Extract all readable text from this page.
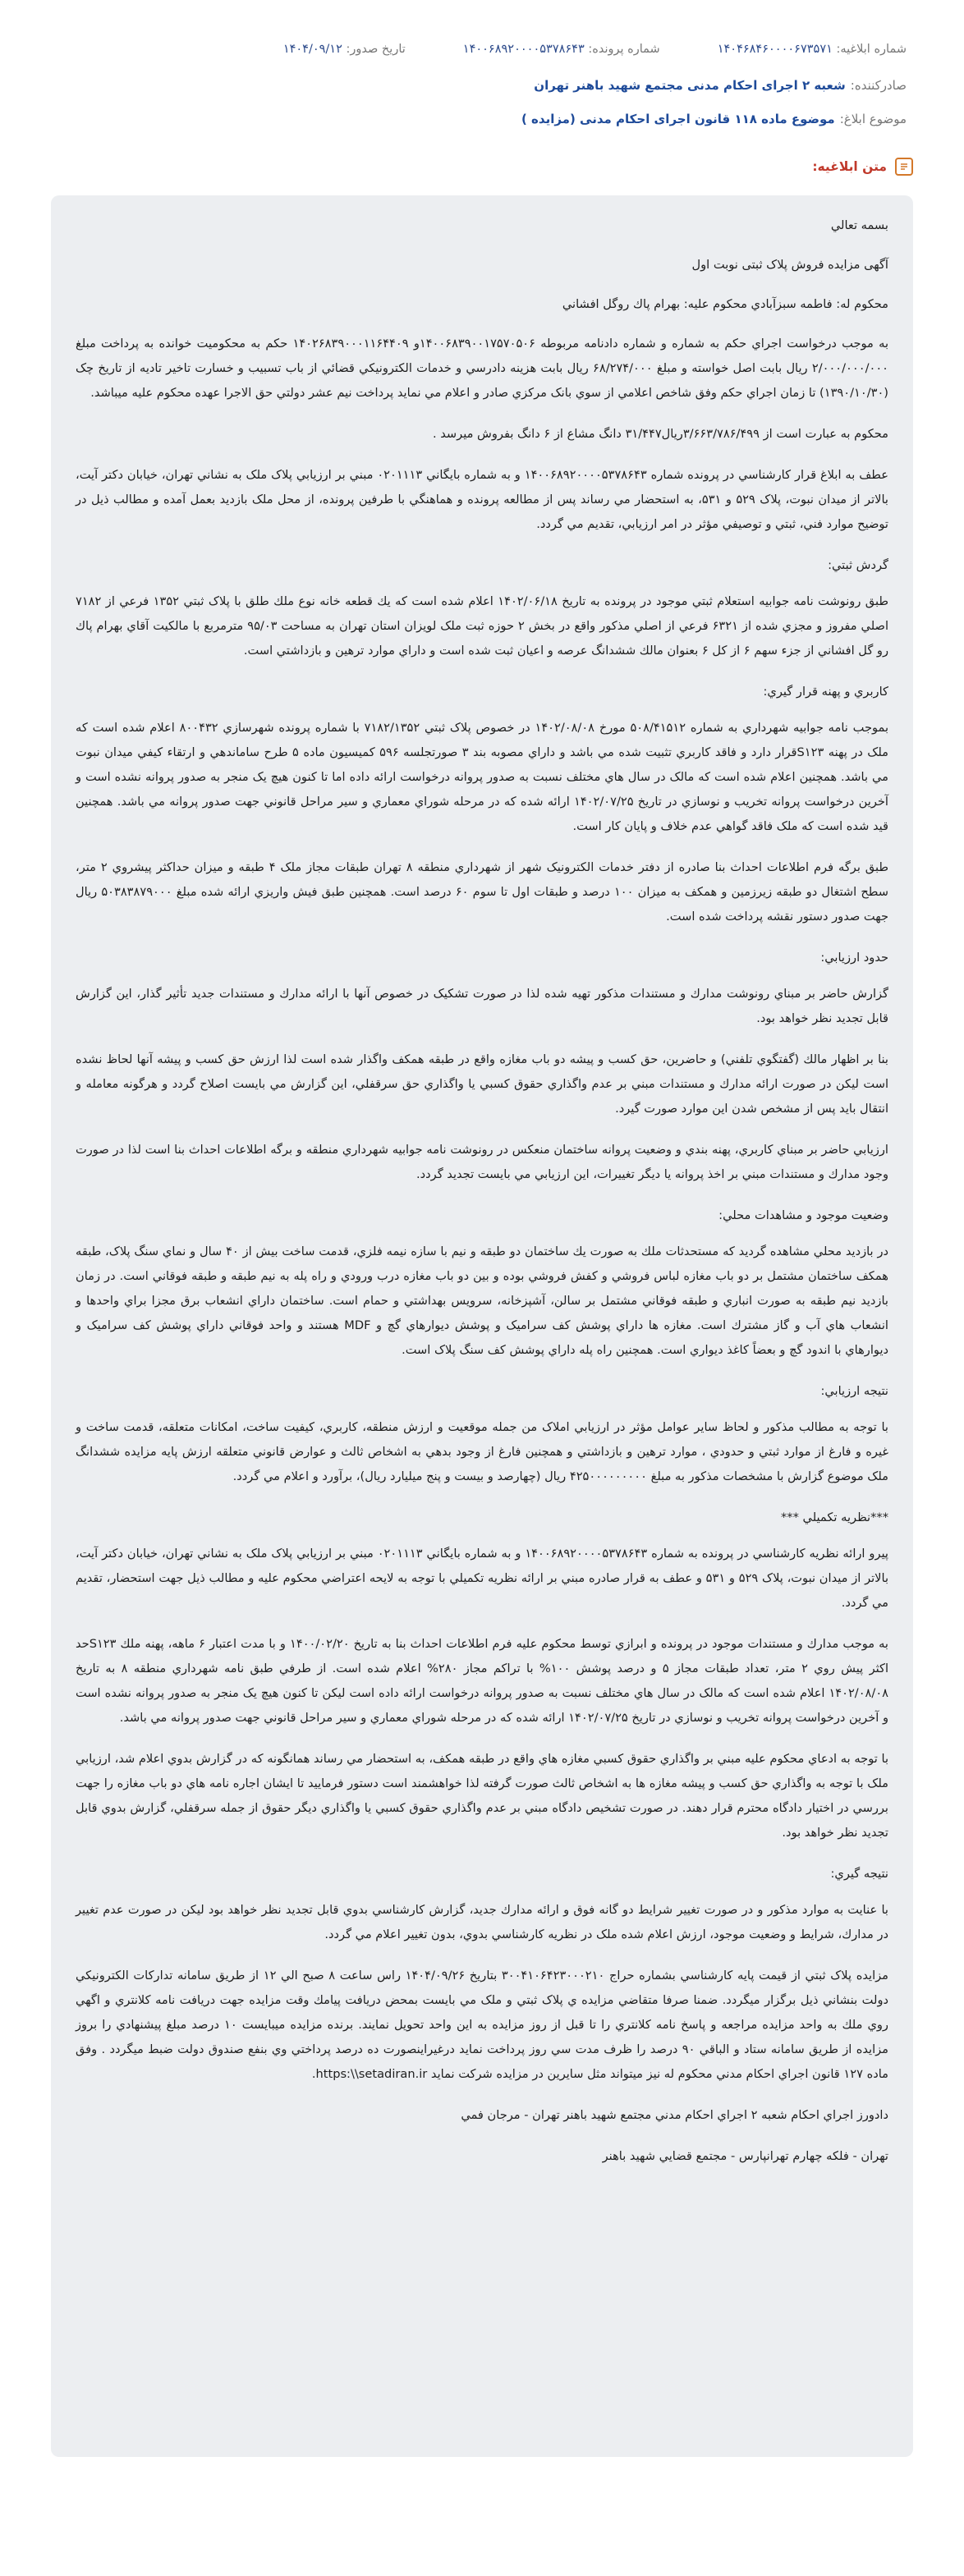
شماره ابلاغیه: ۱۴۰۴۶۸۴۶۰۰۰۰۶۷۳۵۷۱
شماره پرونده: ۱۴۰۰۶۸۹۲۰۰۰۰۵۳۷۸۶۴۳
تاریخ صدور: ۱۴۰۴/۰۹/۱۲
صادرکننده:
شعبه ۲ اجرای احکام مدنی مجتمع شهید باهنر تهران
موضوع ابلاغ:
موضوع ماده ۱۱۸ قانون اجرای احکام مدنی (مزایده )
متن ابلاغیه:

بسمه تعالي

آگهی مزایده فروش پلاک ثبتی نوبت اول

محکوم له: فاطمه سبزآبادي محکوم عليه: بهرام پاك روگل افشاني

به موجب درخواست اجراي حکم به شماره و شماره دادنامه مربوطه ۱۴۰۰۶۸۳۹۰۰۱۷۵۷۰۵۰۶و ۱۴۰۲۶۸۳۹۰۰۰۱۱۶۴۴۰۹ حکم به محکوميت خوانده به پرداخت مبلغ ۲/۰۰۰/۰۰۰/۰۰۰ ریال بابت اصل خواسته و مبلغ ۶۸/۲۷۴/۰۰۰ ریال بابت هزينه دادرسي و خدمات الکترونيکي قضائي از باب تسبيب و خسارت تاخير تاديه از تاريخ چک (۱۳۹۰/۱۰/۳۰) تا زمان اجراي حکم وفق شاخص اعلامي از سوي بانک مرکزي صادر و اعلام مي نمايد پرداخت نيم عشر دولتي حق الاجرا عهده محکوم عليه ميباشد.

محکوم به عبارت است از ۳/۶۶۳/۷۸۶/۴۹۹ریال۳۱/۴۴۷ دانگ مشاع از ۶ دانگ بفروش ميرسد .

عطف به ابلاغ قرار کارشناسي در پرونده شماره ۱۴۰۰۶۸۹۲۰۰۰۰۵۳۷۸۶۴۳ و به شماره بايگاني ۰۲۰۱۱۱۳ مبني بر ارزيابي پلاک ملک به نشاني تهران، خيابان دکتر آيت، بالاتر از ميدان نبوت، پلاک ۵۲۹ و ۵۳۱، به استحضار مي رساند پس از مطالعه پرونده و هماهنگي با طرفين پرونده، از محل ملک بازديد بعمل آمده و مطالب ذيل در توضيح موارد فني، ثبتي و توصيفي مؤثر در امر ارزيابي، تقديم مي گردد.

گردش ثبتي:

طبق رونوشت نامه جوابيه استعلام ثبتي موجود در پرونده به تاريخ ۱۴۰۲/۰۶/۱۸ اعلام شده است که يك قطعه خانه نوع ملك طلق با پلاک ثبتي ۱۳۵۲ فرعي از ۷۱۸۲ اصلي مفروز و مجزي شده از ۶۳۲۱ فرعي از اصلي مذکور واقع در بخش ۲ حوزه ثبت ملک لويزان استان تهران به مساحت ۹۵/۰۳ مترمربع با مالکيت آقاي بهرام پاك رو گل افشاني از جزء سهم ۶ از کل ۶ بعنوان مالك ششدانگ عرصه و اعيان ثبت شده است و داراي موارد ترهين و بازداشتي است.

کاربري و پهنه قرار گيري:

بموجب نامه جوابيه شهرداري به شماره ۵۰۸/۴۱۵۱۲ مورخ ۱۴۰۲/۰۸/۰۸ در خصوص پلاک ثبتي ۷۱۸۲/۱۳۵۲ با شماره پرونده شهرسازي ۸۰۰۴۳۲ اعلام شده است که ملک در پهنه S۱۲۳قرار دارد و فاقد کاربري تثبيت شده مي باشد و داراي مصوبه بند ۳ صورتجلسه ۵۹۶ کميسيون ماده ۵ طرح ساماندهي و ارتقاء کيفي ميدان نبوت مي باشد. همچنين اعلام شده است که مالک در سال هاي مختلف نسبت به صدور پروانه درخواست ارائه داده اما تا کنون هيچ يک منجر به صدور پروانه نشده است و آخرين درخواست پروانه تخريب و نوسازي در تاريخ ۱۴۰۲/۰۷/۲۵ ارائه شده که در مرحله شوراي معماري و سير مراحل قانوني جهت صدور پروانه مي باشد. همچنين قيد شده است که ملک فاقد گواهي عدم خلاف و پايان کار است.

طبق برگه فرم اطلاعات احداث بنا صادره از دفتر خدمات الکترونيک شهر از شهرداري منطقه ۸ تهران طبقات مجاز ملک ۴ طبقه و ميزان حداکثر پيشروي ۲ متر، سطح اشتغال دو طبقه زيرزمين و همکف به ميزان ۱۰۰ درصد و طبقات اول تا سوم ۶۰ درصد است. همچنين طبق فيش واريزي ارائه شده مبلغ ۵۰۳۸۳۸۷۹۰۰۰ ريال جهت صدور دستور نقشه پرداخت شده است.

حدود ارزيابي:

گزارش حاضر بر مبناي رونوشت مدارك و مستندات مذکور تهيه شده لذا در صورت تشکيک در خصوص آنها با ارائه مدارك و مستندات جديد تأثير گذار، اين گزارش قابل تجديد نظر خواهد بود.

بنا بر اظهار مالك (گفتگوي تلفني) و حاضرين، حق کسب و پيشه دو باب مغازه واقع در طبقه همکف واگذار شده است لذا ارزش حق کسب و پيشه آنها لحاظ نشده است ليکن در صورت ارائه مدارك و مستندات مبني بر عدم واگذاري حقوق کسبي يا واگذاري حق سرقفلي، اين گزارش مي بايست اصلاح گردد و هرگونه معامله و انتقال بايد پس از مشخص شدن اين موارد صورت گيرد.

ارزيابي حاضر بر مبناي کاربري، پهنه بندي و وضعيت پروانه ساختمان منعکس در رونوشت نامه جوابيه شهرداري منطقه و برگه اطلاعات احداث بنا است لذا در صورت وجود مدارك و مستندات مبني بر اخذ پروانه يا ديگر تغييرات، اين ارزيابي مي بايست تجديد گردد.

وضعيت موجود و مشاهدات محلي:

در بازديد محلي مشاهده گرديد که مستحدثات ملك به صورت يك ساختمان دو طبقه و نيم با سازه نيمه فلزي، قدمت ساخت بيش از ۴۰ سال و نماي سنگ پلاک، طبقه همکف ساختمان مشتمل بر دو باب مغازه لباس فروشي و کفش فروشي بوده و بين دو باب مغازه درب ورودي و راه پله به نيم طبقه و طبقه فوقاني است. در زمان بازديد نيم طبقه به صورت انباري و طبقه فوقاني مشتمل بر سالن، آشپزخانه، سرويس بهداشتي و حمام است. ساختمان داراي انشعاب برق مجزا براي واحدها و انشعاب هاي آب و گاز مشترك است. مغازه ها داراي پوشش کف سراميک و پوشش ديوارهاي گچ و MDF هستند و واحد فوقاني داراي پوشش کف سراميک و ديوارهاي با اندود گچ و بعضاً کاغذ ديواري است. همچنين راه پله داراي پوشش کف سنگ پلاک است.

نتيجه ارزيابي:

با توجه به مطالب مذکور و لحاظ ساير عوامل مؤثر در ارزيابي املاک من جمله موقعيت و ارزش منطقه، کاربري، کيفيت ساخت، امکانات متعلقه، قدمت ساخت و غيره و فارغ از موارد ثبتي و حدودي ، موارد ترهين و بازداشتي و همچنين فارغ از وجود بدهي به اشخاص ثالث و عوارض قانوني متعلقه ارزش پايه مزايده ششدانگ ملک موضوع گزارش با مشخصات مذکور به مبلغ ۴۲۵۰۰۰۰۰۰۰۰۰ ريال (چهارصد و بيست و پنج ميليارد ريال)، برآورد و اعلام مي گردد.

***نظريه تکميلي ***

پيرو ارائه نظريه کارشناسي در پرونده به شماره ۱۴۰۰۶۸۹۲۰۰۰۰۵۳۷۸۶۴۳ و به شماره بايگاني ۰۲۰۱۱۱۳ مبني بر ارزيابي پلاک ملک به نشاني تهران، خيابان دکتر آيت، بالاتر از ميدان نبوت، پلاک ۵۲۹ و ۵۳۱ و عطف به قرار صادره مبني بر ارائه نظريه تکميلي با توجه به لايحه اعتراضي محکوم عليه و مطالب ذيل جهت استحضار، تقديم مي گردد.

به موجب مدارك و مستندات موجود در پرونده و ابرازي توسط محکوم عليه فرم اطلاعات احداث بنا به تاريخ ۱۴۰۰/۰۲/۲۰ و با مدت اعتبار ۶ ماهه، پهنه ملك S۱۲۳حد اکثر پيش روي ۲ متر، تعداد طبقات مجاز ۵ و درصد پوشش ۱۰۰% با تراکم مجاز ۲۸۰% اعلام شده است. از طرفي طبق نامه شهرداري منطقه ۸ به تاريخ ۱۴۰۲/۰۸/۰۸ اعلام شده است که مالک در سال هاي مختلف نسبت به صدور پروانه درخواست ارائه داده است ليکن تا کنون هيچ يک منجر به صدور پروانه نشده است و آخرين درخواست پروانه تخريب و نوسازي در تاريخ ۱۴۰۲/۰۷/۲۵ ارائه شده که در مرحله شوراي معماري و سير مراحل قانوني جهت صدور پروانه مي باشد.

با توجه به ادعاي محکوم عليه مبني بر واگذاري حقوق کسبي مغازه هاي واقع در طبقه همکف، به استحضار مي رساند همانگونه که در گزارش بدوي اعلام شد، ارزيابي ملک با توجه به واگذاري حق کسب و پيشه مغازه ها به اشخاص ثالث صورت گرفته لذا خواهشمند است دستور فرماييد تا ايشان اجاره نامه هاي دو باب مغازه را جهت بررسي در اختيار دادگاه محترم قرار دهند. در صورت تشخيص دادگاه مبني بر عدم واگذاري حقوق کسبي يا واگذاري ديگر حقوق از جمله سرقفلي، گزارش بدوي قابل تجديد نظر خواهد بود.

نتيجه گيري:

با عنايت به موارد مذکور و در صورت تغيير شرايط دو گانه فوق و ارائه مدارك جديد، گزارش کارشناسي بدوي قابل تجديد نظر خواهد بود ليکن در صورت عدم تغيير در مدارك، شرايط و وضعيت موجود، ارزش اعلام شده ملک در نظريه کارشناسي بدوي، بدون تغيير اعلام مي گردد.

مزايده پلاک ثبتي از قيمت پايه کارشناسي بشماره حراج ۳۰۰۴۱۰۶۴۲۳۰۰۰۲۱۰ بتاريخ ۱۴۰۴/۰۹/۲۶ راس ساعت ۸ صبح الي ۱۲ از طريق سامانه تداركات الكترونيكي دولت بنشاني ذيل برگزار ميگردد. ضمنا صرفا متقاضي مزايده ي پلاک ثبتي و ملک مي بايست بمحض دريافت پيامك وقت مزايده جهت دريافت نامه كلانتري و اگهي روي ملك به واحد مزايده مراجعه و پاسخ نامه كلانتري را تا قبل از روز مزايده به اين واحد تحويل نمايند. برنده مزايده ميبايست ۱۰ درصد مبلغ پيشنهادي را بروز مزايده از طريق سامانه ستاد و الباقي ۹۰ درصد را ظرف مدت سي روز پرداخت نمايد درغيراينصورت ده درصد پرداختي وي بنفع صندوق دولت ضبط ميگردد . وفق ماده ۱۲۷ قانون اجراي احكام مدني محکوم له نيز ميتواند مثل سايرين در مزايده شركت نمايد https:\\setadiran.ir.

دادورز اجراي احكام شعبه ۲ اجراي احكام مدني مجتمع شهيد باهنر تهران - مرجان فمي

تهران - فلكه چهارم تهرانپارس - مجتمع قضايي شهيد باهنر
